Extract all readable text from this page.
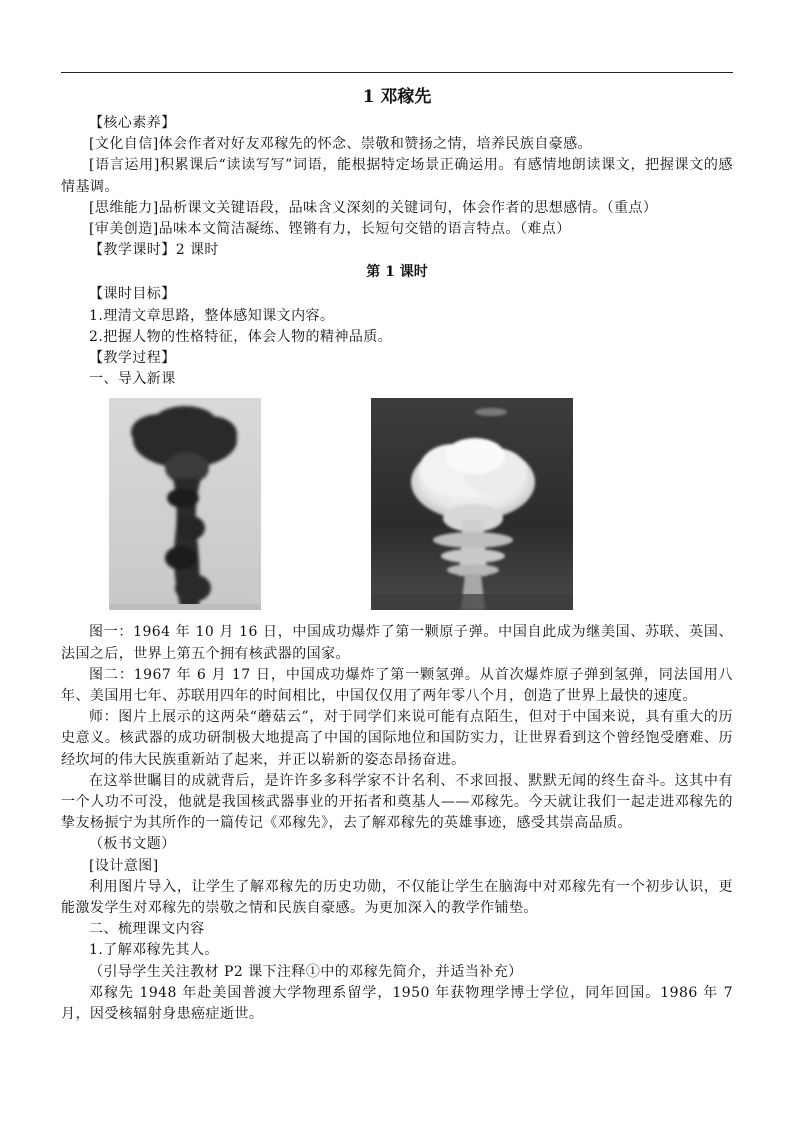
1 邓稼先

【核心素养】

[文化自信]体会作者对好友邓稼先的怀念、崇敬和赞扬之情，培养民族自豪感。

[语言运用]积累课后“读读写写”词语，能根据特定场景正确运用。有感情地朗读课文，把握课文的感情基调。

[思维能力]品析课文关键语段，品味含义深刻的关键词句，体会作者的思想感情。（重点）

[审美创造]品味本文简洁凝练、铿锵有力，长短句交错的语言特点。（难点）

【教学课时】2 课时

第 1 课时

【课时目标】

1.理清文章思路，整体感知课文内容。

2.把握人物的性格特征，体会人物的精神品质。

【教学过程】

一、导入新课

图一：1964 年 10 月 16 日，中国成功爆炸了第一颗原子弹。中国自此成为继美国、苏联、英国、法国之后，世界上第五个拥有核武器的国家。

图二：1967 年 6 月 17 日，中国成功爆炸了第一颗氢弹。从首次爆炸原子弹到氢弹，同法国用八年、美国用七年、苏联用四年的时间相比，中国仅仅用了两年零八个月，创造了世界上最快的速度。

师：图片上展示的这两朵“蘑菇云”，对于同学们来说可能有点陌生，但对于中国来说，具有重大的历史意义。核武器的成功研制极大地提高了中国的国际地位和国防实力，让世界看到这个曾经饱受磨难、历经坎坷的伟大民族重新站了起来，并正以崭新的姿态昂扬奋进。

在这举世瞩目的成就背后，是许许多多科学家不计名利、不求回报、默默无闻的终生奋斗。这其中有一个人功不可没，他就是我国核武器事业的开拓者和奠基人——邓稼先。今天就让我们一起走进邓稼先的挚友杨振宁为其所作的一篇传记《邓稼先》，去了解邓稼先的英雄事迹，感受其崇高品质。

（板书文题）

[设计意图]

利用图片导入，让学生了解邓稼先的历史功勋，不仅能让学生在脑海中对邓稼先有一个初步认识，更能激发学生对邓稼先的崇敬之情和民族自豪感。为更加深入的教学作铺垫。

二、梳理课文内容

1.了解邓稼先其人。

（引导学生关注教材 P2 课下注释①中的邓稼先简介，并适当补充）

邓稼先 1948 年赴美国普渡大学物理系留学，1950 年获物理学博士学位，同年回国。1986 年 7 月，因受核辐射身患癌症逝世。
